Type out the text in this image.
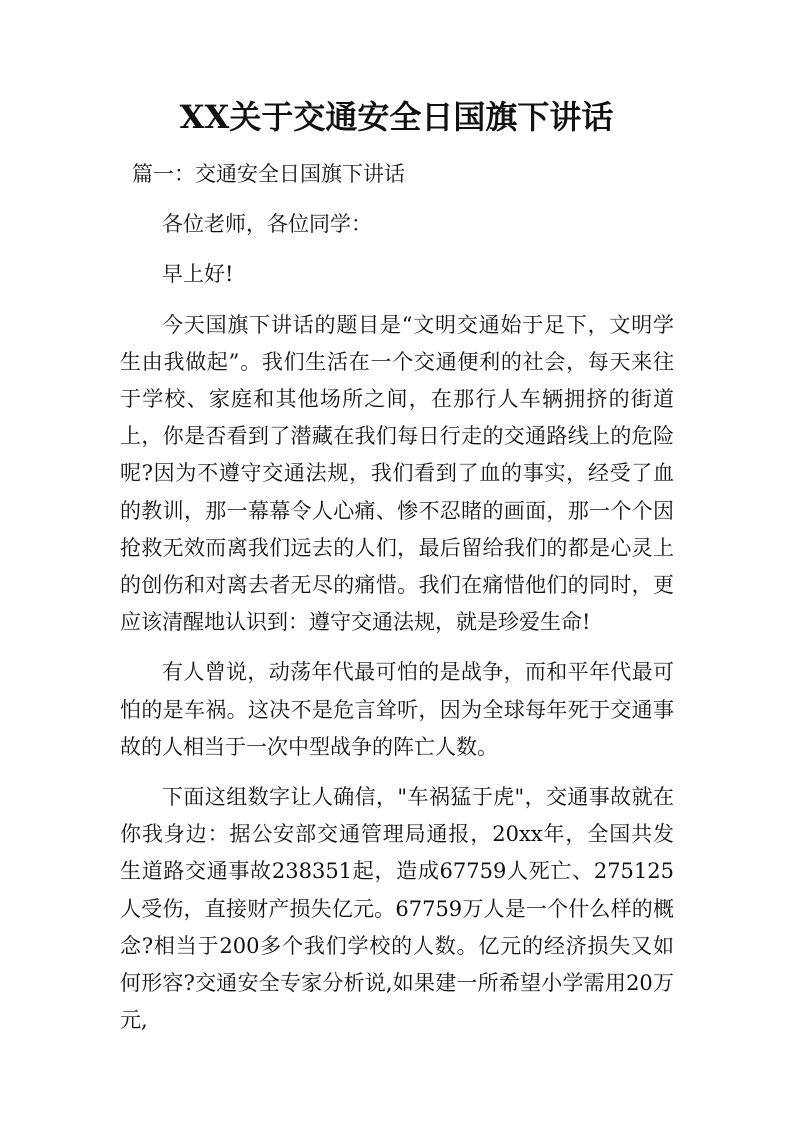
XX关于交通安全日国旗下讲话

篇一：交通安全日国旗下讲话

各位老师，各位同学：

早上好!

今天国旗下讲话的题目是“文明交通始于足下，文明学生由我做起”。我们生活在一个交通便利的社会，每天来往于学校、家庭和其他场所之间，在那行人车辆拥挤的街道上，你是否看到了潜藏在我们每日行走的交通路线上的危险呢?因为不遵守交通法规，我们看到了血的事实，经受了血的教训，那一幕幕令人心痛、惨不忍睹的画面，那一个个因抢救无效而离我们远去的人们，最后留给我们的都是心灵上的创伤和对离去者无尽的痛惜。我们在痛惜他们的同时，更应该清醒地认识到：遵守交通法规，就是珍爱生命!

有人曾说，动荡年代最可怕的是战争，而和平年代最可怕的是车祸。这决不是危言耸听，因为全球每年死于交通事故的人相当于一次中型战争的阵亡人数。

下面这组数字让人确信，"车祸猛于虎"，交通事故就在你我身边：据公安部交通管理局通报，20xx年，全国共发生道路交通事故238351起，造成67759人死亡、275125人受伤，直接财产损失亿元。67759万人是一个什么样的概念?相当于200多个我们学校的人数。亿元的经济损失又如何形容?交通安全专家分析说,如果建一所希望小学需用20万元,
